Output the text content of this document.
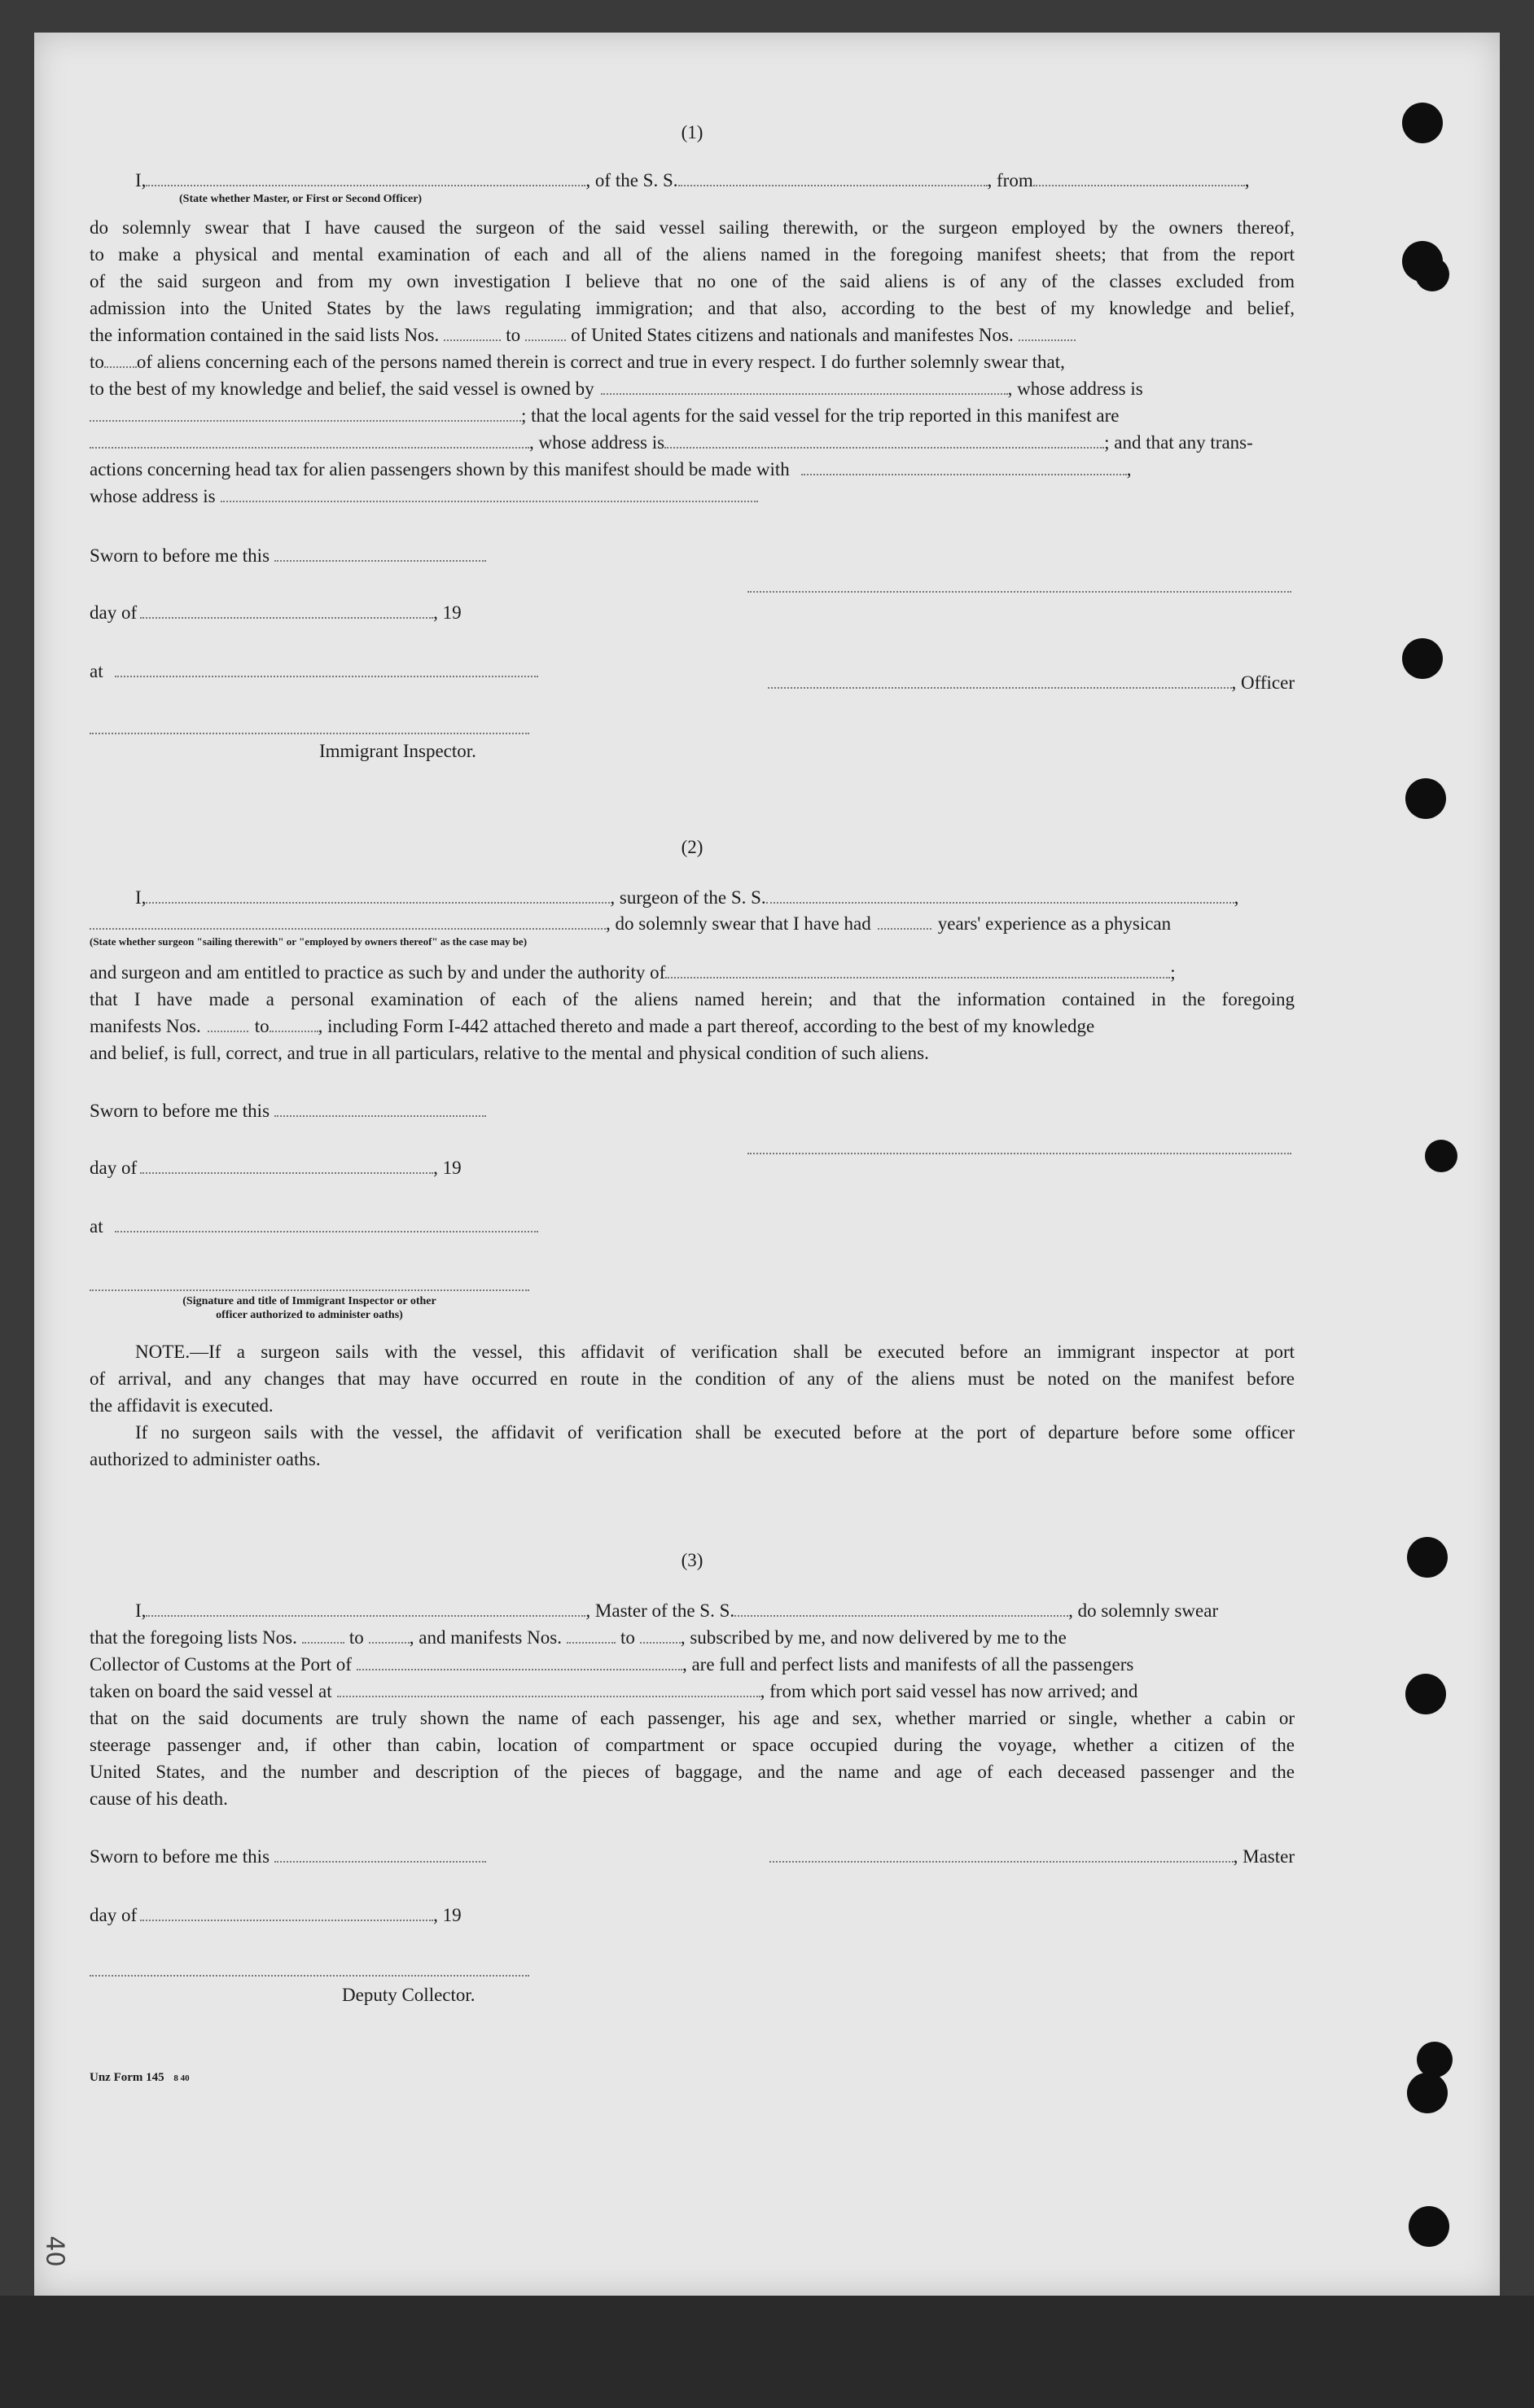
(1)
I,	, of the S. S.	, from	,
(State whether Master, or First or Second Officer)
do solemnly swear that I have caused the surgeon of the said vessel sailing therewith, or the surgeon employed by the owners thereof,
to make a physical and mental examination of each and all of the aliens named in the foregoing manifest sheets; that from the report
of the said surgeon and from my own investigation I believe that no one of the said aliens is of any of the classes excluded from
admission into the United States by the laws regulating immigration; and that also, according to the best of my knowledge and belief,
the information contained in the said lists Nos.	to	of United States citizens and nationals and manifestes Nos.
to of aliens concerning each of the persons named therein is correct and true in every respect. I do further solemnly swear that,
to the best of my knowledge and belief, the said vessel is owned by	, whose address is
; that the local agents for the said vessel for the trip reported in this manifest are
, whose address is	; and that any trans-
actions concerning head tax for alien passengers shown by this manifest should be made with	,
whose address is
Sworn to before me this
day of	, 19
at
, Officer
Immigrant Inspector.
(2)
I,	, surgeon of the S. S.	,
, do solemnly swear that I have had	years' experience as a physican
(State whether surgeon "sailing therewith" or "employed by owners thereof" as the case may be)
and surgeon and am entitled to practice as such by and under the authority of	;
that I have made a personal examination of each of the aliens named herein; and that the information contained in the foregoing
manifests Nos.	to	, including Form I-442 attached thereto and made a part thereof, according to the best of my knowledge
and belief, is full, correct, and true in all particulars, relative to the mental and physical condition of such aliens.
Sworn to before me this
day of	, 19
at
(Signature and title of Immigrant Inspector or other
officer authorized to administer oaths)
NOTE.—If a surgeon sails with the vessel, this affidavit of verification shall be executed before an immigrant inspector at port
of arrival, and any changes that may have occurred en route in the condition of any of the aliens must be noted on the manifest before
the affidavit is executed.
If no surgeon sails with the vessel, the affidavit of verification shall be executed before at the port of departure before some officer
authorized to administer oaths.
(3)
I,	, Master of the S. S.	, do solemnly swear
that the foregoing lists Nos.	to , and manifests Nos.	to , subscribed by me, and now delivered by me to the
Collector of Customs at the Port of	, are full and perfect lists and manifests of all the passengers
taken on board the said vessel at	, from which port said vessel has now arrived; and
that on the said documents are truly shown the name of each passenger, his age and sex, whether married or single, whether a cabin or
steerage passenger and, if other than cabin, location of compartment or space occupied during the voyage, whether a citizen of the
United States, and the number and description of the pieces of baggage, and the name and age of each deceased passenger and the
cause of his death.
Sworn to before me this	, Master
day of	, 19
Deputy Collector.
Unz Form 145 8 40
40
